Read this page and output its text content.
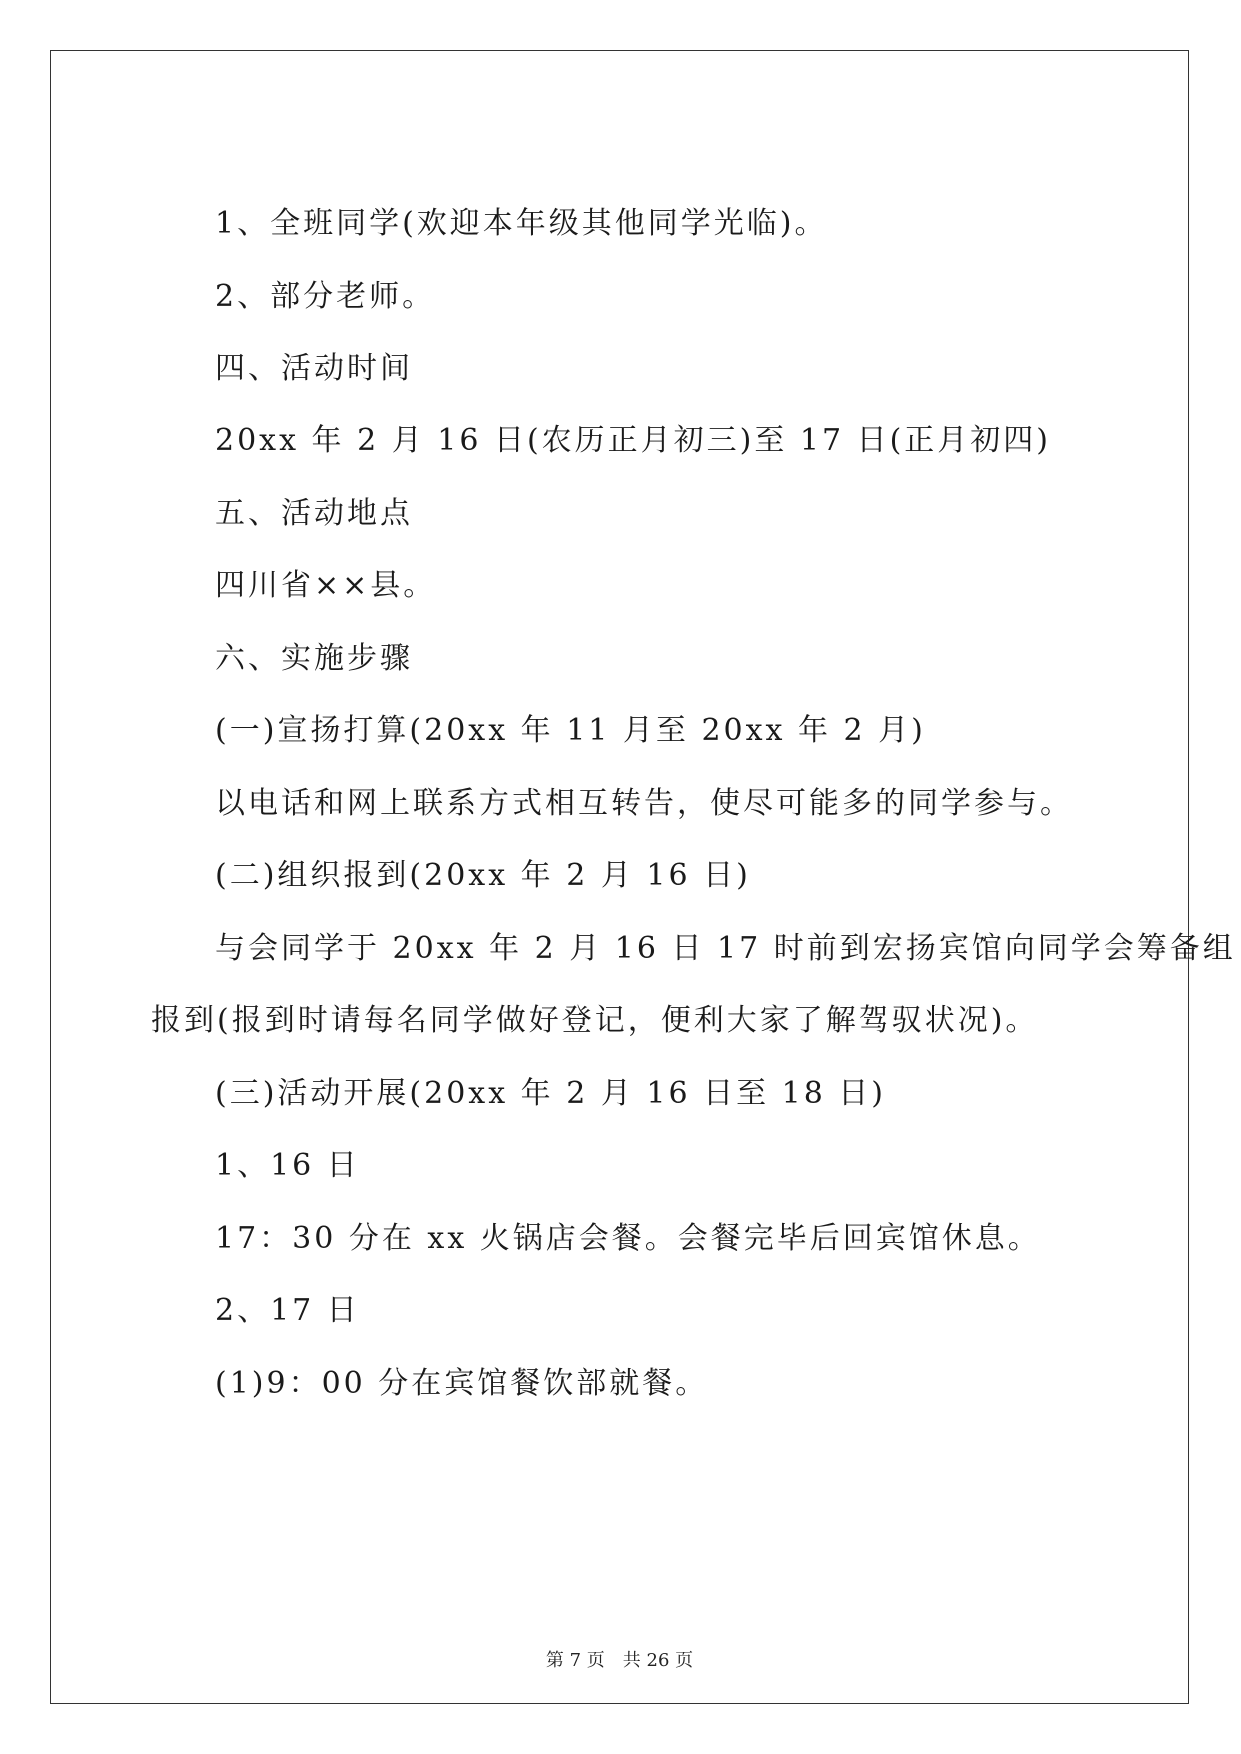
1、全班同学(欢迎本年级其他同学光临)。
2、部分老师。
四、活动时间
20xx 年 2 月 16 日(农历正月初三)至 17 日(正月初四)
五、活动地点
四川省××县。
六、实施步骤
(一)宣扬打算(20xx 年 11 月至 20xx 年 2 月)
以电话和网上联系方式相互转告，使尽可能多的同学参与。
(二)组织报到(20xx 年 2 月 16 日)
与会同学于 20xx 年 2 月 16 日 17 时前到宏扬宾馆向同学会筹备组
报到(报到时请每名同学做好登记，便利大家了解驾驭状况)。
(三)活动开展(20xx 年 2 月 16 日至 18 日)
1、16 日
17：30 分在 xx 火锅店会餐。会餐完毕后回宾馆休息。
2、17 日
(1)9：00 分在宾馆餐饮部就餐。
第 7 页　共 26 页
